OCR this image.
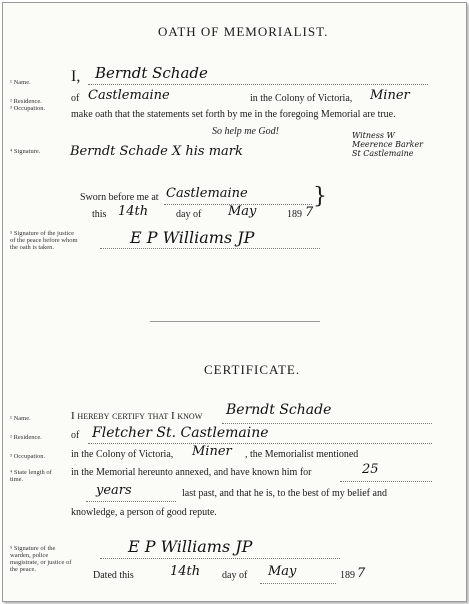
OATH OF MEMORIALIST.
¹ Name.
² Residence.
³ Occupation.
⁴ Signature.
⁵ Signature of the justice of the peace before whom the oath is taken.
I, Berndt Schade
of Castlemaine	in the Colony of Victoria, Miner
make oath that the statements set forth by me in the foregoing Memorial are true.
So help me God!
Berndt Schade X his mark
Witness W Meerence Barker St Castlemaine
Sworn before me at Castlemaine
this 14th	day of May	189 7
}
E P Williams JP
CERTIFICATE.
¹ Name.
² Residence.
³ Occupation.
⁴ State length of time.
⁵ Signature of the warden, police magistrate, or justice of the peace.
I hereby certify that I know Berndt Schade
of Fletcher St. Castlemaine
in the Colony of Victoria, Miner , the Memorialist mentioned
in the Memorial hereunto annexed, and have known him for	25
years	last past, and that he is, to the best of my belief and
knowledge, a person of good repute.
E P Williams JP
Dated this	14th day of May	189 7
